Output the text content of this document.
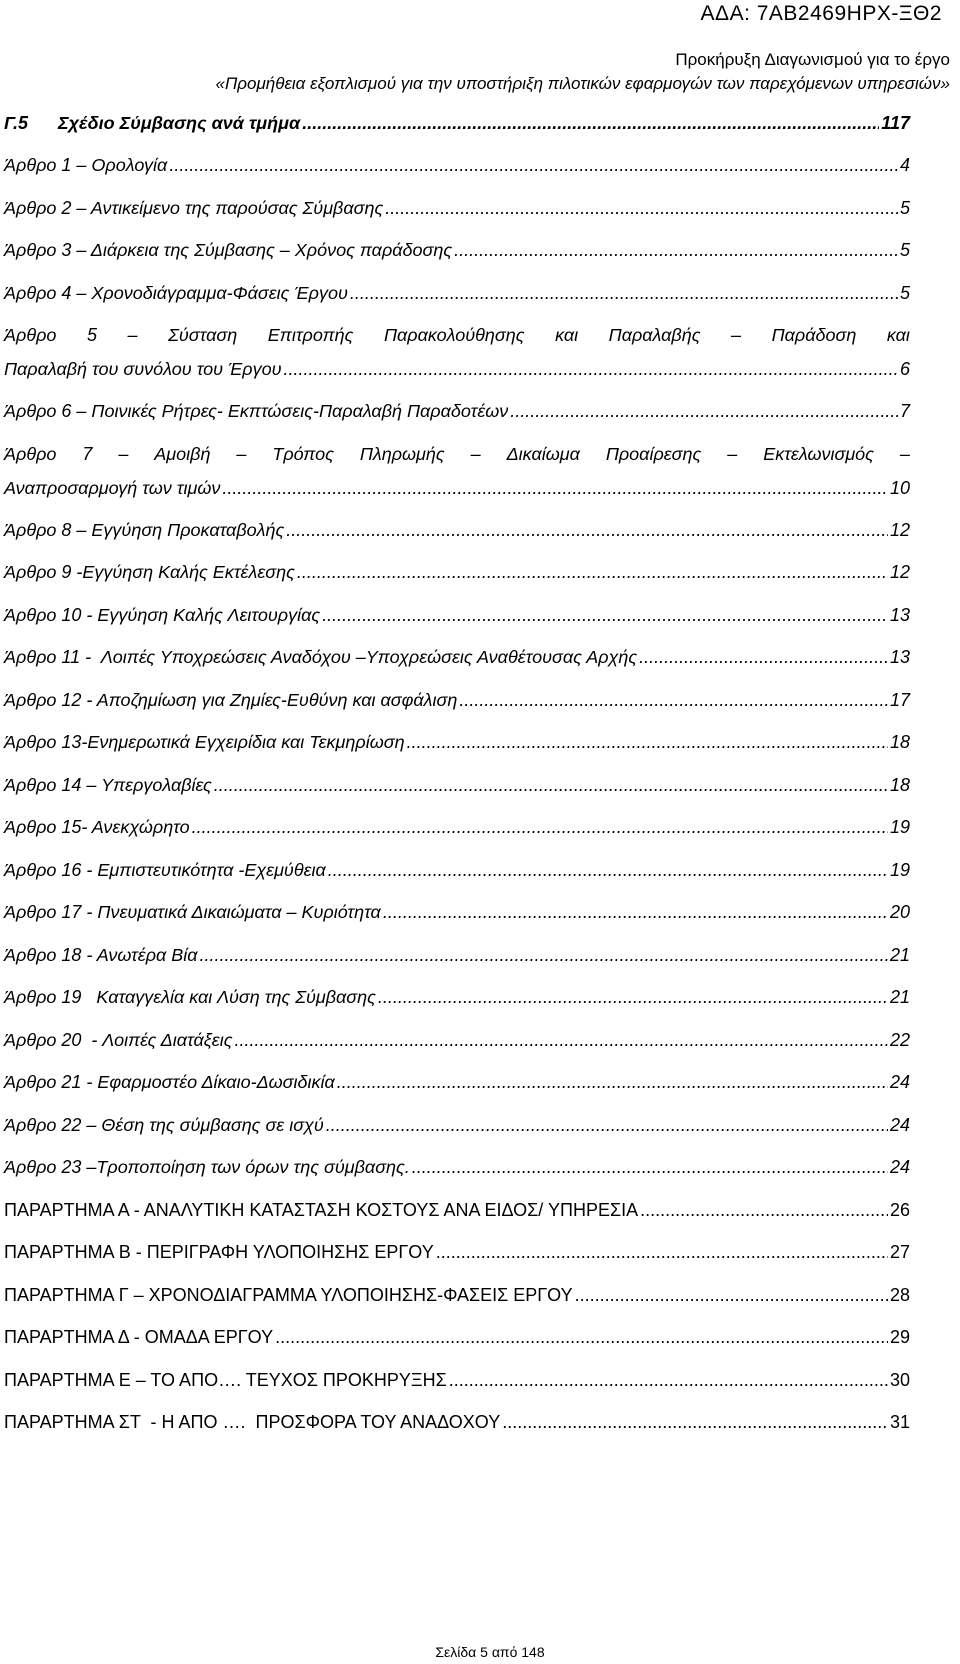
ΑΔΑ: 7ΑΒ2469ΗΡΧ-ΞΘ2
Προκήρυξη Διαγωνισμού για το έργο
«Προμήθεια εξοπλισμού για την υποστήριξη πιλοτικών εφαρμογών των παρεχόμενων υπηρεσιών»
Γ.5      Σχέδιο Σύμβασης ανά τμήμα .....	117
Άρθρο 1 – Ορολογία .....	4
Άρθρο 2 – Αντικείμενο της παρούσας Σύμβασης .....	5
Άρθρο 3 – Διάρκεια της Σύμβασης – Χρόνος παράδοσης .....	5
Άρθρο 4 – Χρονοδιάγραμμα-Φάσεις Έργου .....	5
Άρθρο 5 – Σύσταση Επιτροπής Παρακολούθησης και Παραλαβής – Παράδοση και
Παραλαβή του συνόλου του Έργου .....	6
Άρθρο 6 – Ποινικές Ρήτρες- Εκπτώσεις-Παραλαβή Παραδοτέων .....	7
Άρθρο 7 – Αμοιβή – Τρόπος Πληρωμής – Δικαίωμα Προαίρεσης – Εκτελωνισμός –
Αναπροσαρμογή των τιμών .....	10
Άρθρο 8 – Εγγύηση Προκαταβολής .....	12
Άρθρο 9 -Εγγύηση Καλής Εκτέλεσης .....	12
Άρθρο 10 - Εγγύηση Καλής Λειτουργίας .....	13
Άρθρο 11 -  Λοιπές Υποχρεώσεις Αναδόχου –Υποχρεώσεις Αναθέτουσας Αρχής .....	13
Άρθρο 12 - Αποζημίωση για Ζημίες-Ευθύνη και ασφάλιση .....	17
Άρθρο 13-Ενημερωτικά Εγχειρίδια και Τεκμηρίωση .....	18
Άρθρο 14 – Υπεργολαβίες .....	18
Άρθρο 15- Ανεκχώρητο .....	19
Άρθρο 16 - Εμπιστευτικότητα -Εχεμύθεια .....	19
Άρθρο 17 - Πνευματικά Δικαιώματα – Κυριότητα .....	20
Άρθρο 18 - Ανωτέρα Βία .....	21
Άρθρο 19   Καταγγελία και Λύση της Σύμβασης .....	21
Άρθρο 20  - Λοιπές Διατάξεις .....	22
Άρθρο 21 - Εφαρμοστέο Δίκαιο-Δωσιδικία .....	24
Άρθρο 22 – Θέση της σύμβασης σε ισχύ .....	24
Άρθρο 23 –Τροποποίηση των όρων της σύμβασης. .....	24
ΠΑΡΑΡΤΗΜΑ Α - ΑΝΑΛΥΤΙΚΗ ΚΑΤΑΣΤΑΣΗ ΚΟΣΤΟΥΣ ΑΝΑ ΕΙΔΟΣ/ ΥΠΗΡΕΣΙΑ .....	26
ΠΑΡΑΡΤΗΜΑ Β - ΠΕΡΙΓΡΑΦΗ ΥΛΟΠΟΙΗΣΗΣ ΕΡΓΟΥ .....	27
ΠΑΡΑΡΤΗΜΑ Γ – ΧΡΟΝΟΔΙΑΓΡΑΜΜΑ ΥΛΟΠΟΙΗΣΗΣ-ΦΑΣΕΙΣ ΕΡΓΟΥ .....	28
ΠΑΡΑΡΤΗΜΑ Δ - ΟΜΑΔΑ ΕΡΓΟΥ .....	29
ΠΑΡΑΡΤΗΜΑ Ε – ΤΟ ΑΠΟ…. ΤΕΥΧΟΣ ΠΡΟΚΗΡΥΞΗΣ .....	30
ΠΑΡΑΡΤΗΜΑ ΣΤ  - Η ΑΠΟ ….  ΠΡΟΣΦΟΡΑ ΤΟΥ ΑΝΑΔΟΧΟΥ .....	31
Σελίδα 5 από 148
